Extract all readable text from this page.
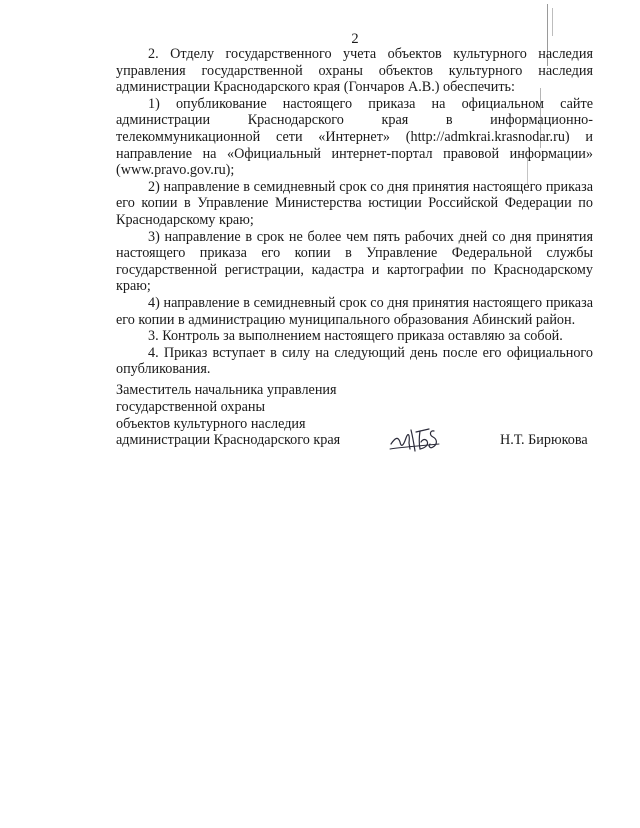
2

2. Отделу государственного учета объектов культурного наследия управления государственной охраны объектов культурного наследия администрации Краснодарского края (Гончаров А.В.) обеспечить:

1) опубликование настоящего приказа на официальном сайте администрации Краснодарского края в информационно-телекоммуникационной сети «Интернет» (http://admkrai.krasnodar.ru) и направление на «Официальный интернет-портал правовой информации» (www.pravo.gov.ru);

2) направление в семидневный срок со дня принятия настоящего приказа его копии в Управление Министерства юстиции Российской Федерации по Краснодарскому краю;

3) направление в срок не более чем пять рабочих дней со дня принятия настоящего приказа его копии в Управление Федеральной службы государственной регистрации, кадастра и картографии по Краснодарскому краю;

4) направление в семидневный срок со дня принятия настоящего приказа его копии в администрацию муниципального образования Абинский район.

3. Контроль за выполнением настоящего приказа оставляю за собой.

4. Приказ вступает в силу на следующий день после его официального опубликования.

Заместитель начальника управления
государственной охраны
объектов культурного наследия
администрации Краснодарского края	Н.Т. Бирюкова
